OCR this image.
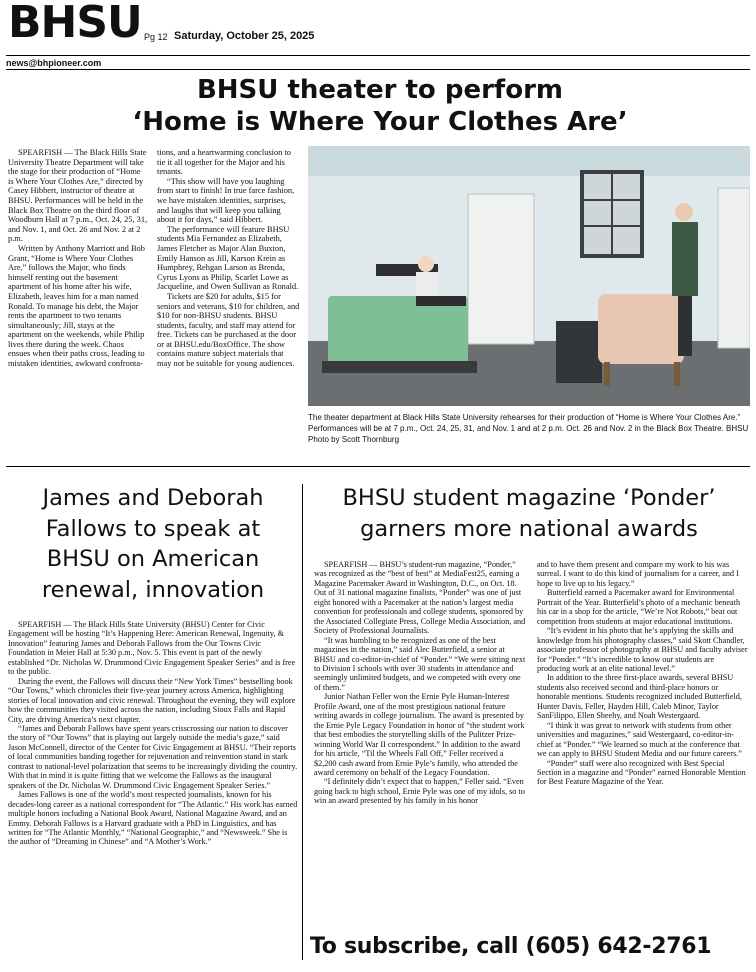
BHSU Pg 12 Saturday, October 25, 2025
news@bhpioneer.com
BHSU theater to perform
‘Home is Where Your Clothes Are’

SPEARFISH — The Black Hills State University Theatre Department will take the stage for their production of “Home is Where Your Clothes Are,” directed by Casey Hibbert, instructor of theatre at BHSU. Performances will be held in the Black Box Theatre on the third floor of Woodburn Hall at 7 p.m., Oct. 24, 25, 31, and Nov. 1, and Oct. 26 and Nov. 2 at 2 p.m.

Written by Anthony Marriott and Bob Grant, “Home is Where Your Clothes Are,” follows the Major, who finds himself renting out the basement apartment of his home after his wife, Elizabeth, leaves him for a man named Ronald. To manage his debt, the Major rents the apartment to two tenants simultaneously; Jill, stays at the apartment on the weekends, while Philip lives there during the week. Chaos ensues when their paths cross, leading to mistaken identities, awkward confronta-

tions, and a heartwarming conclusion to tie it all together for the Major and his tenants.

“This show will have you laughing from start to finish! In true farce fashion, we have mistaken identities, surprises, and laughs that will keep you talking about it for days,” said Hibbert.

The performance will feature BHSU students Mia Fernandez as Elizabeth, James Fletcher as Major Alan Buxton, Emily Hanson as Jill, Karson Krein as Humphrey, Rehgan Larson as Brenda, Cyrus Lyons as Philip, Scarlet Lowe as Jacqueline, and Owen Sullivan as Ronald.

Tickets are $20 for adults, $15 for seniors and veterans, $10 for children, and $10 for non-BHSU students. BHSU students, faculty, and staff may attend for free. Tickets can be purchased at the door or at BHSU.edu/BoxOffice. The show contains mature subject materials that may not be suitable for young audiences.

The theater department at Black Hills State University rehearses for their production of “Home is Where Your Clothes Are.” Performances will be at 7 p.m., Oct. 24, 25, 31, and Nov. 1 and at 2 p.m. Oct. 26 and Nov. 2 in the Black Box Theatre. BHSU Photo by Scott Thornburg
James and Deborah
Fallows to speak at
BHSU on American
renewal, innovation

SPEARFISH — The Black Hills State University (BHSU) Center for Civic Engagement will be hosting “It’s Happening Here: American Renewal, Ingenuity, & Innovation” featuring James and Deborah Fallows from the Our Towns Civic Foundation in Meier Hall at 5:30 p.m., Nov. 5. This event is part of the newly established “Dr. Nicholas W. Drummond Civic Engagement Speaker Series” and is free to the public.

During the event, the Fallows will discuss their “New York Times” bestselling book “Our Towns,” which chronicles their five-year journey across America, highlighting stories of local innovation and civic renewal. Throughout the evening, they will explore how the communities they visited across the nation, including Sioux Falls and Rapid City, are driving America’s next chapter.

“James and Deborah Fallows have spent years crisscrossing our nation to discover the story of “Our Towns” that is playing out largely outside the media’s gaze,” said Jason McConnell, director of the Center for Civic Engagement at BHSU. “Their reports of local communities banding together for rejuvenation and reinvention stand in stark contrast to national-level polarization that seems to be increasingly dividing the country. With that in mind it is quite fitting that we welcome the Fallows as the inaugural speakers of the Dr. Nicholas W. Drummond Civic Engagement Speaker Series.”

James Fallows is one of the world’s most respected journalists, known for his decades-long career as a national correspondent for “The Atlantic.” His work has earned multiple honors including a National Book Award, National Magazine Award, and an Emmy. Deborah Fallows is a Harvard graduate with a PhD in Linguistics, and has written for “The Atlantic Monthly,” “National Geographic,” and “Newsweek.” She is the author of “Dreaming in Chinese” and “A Mother’s Work.”

BHSU student magazine ‘Ponder’
garners more national awards

SPEARFISH — BHSU’s student-run magazine, “Ponder,” was recognized as the “best of best” at MediaFest25, earning a Magazine Pacemaker Award in Washington, D.C., on Oct. 18. Out of 31 national magazine finalists, “Ponder” was one of just eight honored with a Pacemaker at the nation’s largest media convention for professionals and college students, sponsored by the Associated Collegiate Press, College Media Association, and Society of Professional Journalists.

“It was humbling to be recognized as one of the best magazines in the nation,” said Alec Butterfield, a senior at BHSU and co-editor-in-chief of “Ponder.” “We were sitting next to Division I schools with over 30 students in attendance and seemingly unlimited budgets, and we competed with every one of them.”

Junior Nathan Feller won the Ernie Pyle Human-Interest Profile Award, one of the most prestigious national feature writing awards in college journalism. The award is presented by the Ernie Pyle Legacy Foundation in honor of “the student work that best embodies the storytelling skills of the Pulitzer Prize-winning World War II correspondent.” In addition to the award for his article, “Til the Wheels Fall Off,” Feller received a $2,200 cash award from Ernie Pyle’s family, who attended the award ceremony on behalf of the Legacy Foundation.

“I definitely didn’t expect that to happen,” Feller said. “Even going back to high school, Ernie Pyle was one of my idols, so to win an award presented by his family in his honor

and to have them present and compare my work to his was surreal. I want to do this kind of journalism for a career, and I hope to live up to his legacy.”

Butterfield earned a Pacemaker award for Environmental Portrait of the Year. Butterfield’s photo of a mechanic beneath his car in a shop for the article, “We’re Not Robots,” beat out competition from students at major educational institutions.

“It’s evident in his photo that he’s applying the skills and knowledge from his photography classes,” said Skott Chandler, associate professor of photography at BHSU and faculty adviser for “Ponder.” “It’s incredible to know our students are producing work at an elite national level.”

In addition to the three first-place awards, several BHSU students also received second and third-place honors or honorable mentions. Students recognized included Butterfield, Hunter Davis, Feller, Hayden Hill, Caleb Minor, Taylor SanFilippo, Ellen Sheehy, and Noah Westergaard.

“I think it was great to network with students from other universities and magazines,” said Westergaard, co-editor-in-chief at “Ponder.” “We learned so much at the conference that we can apply to BHSU Student Media and our future careers.”

“Ponder” staff were also recognized with Best Special Section in a magazine and “Ponder” earned Honorable Mention for Best Feature Magazine of the Year.

To subscribe, call (605) 642-2761
